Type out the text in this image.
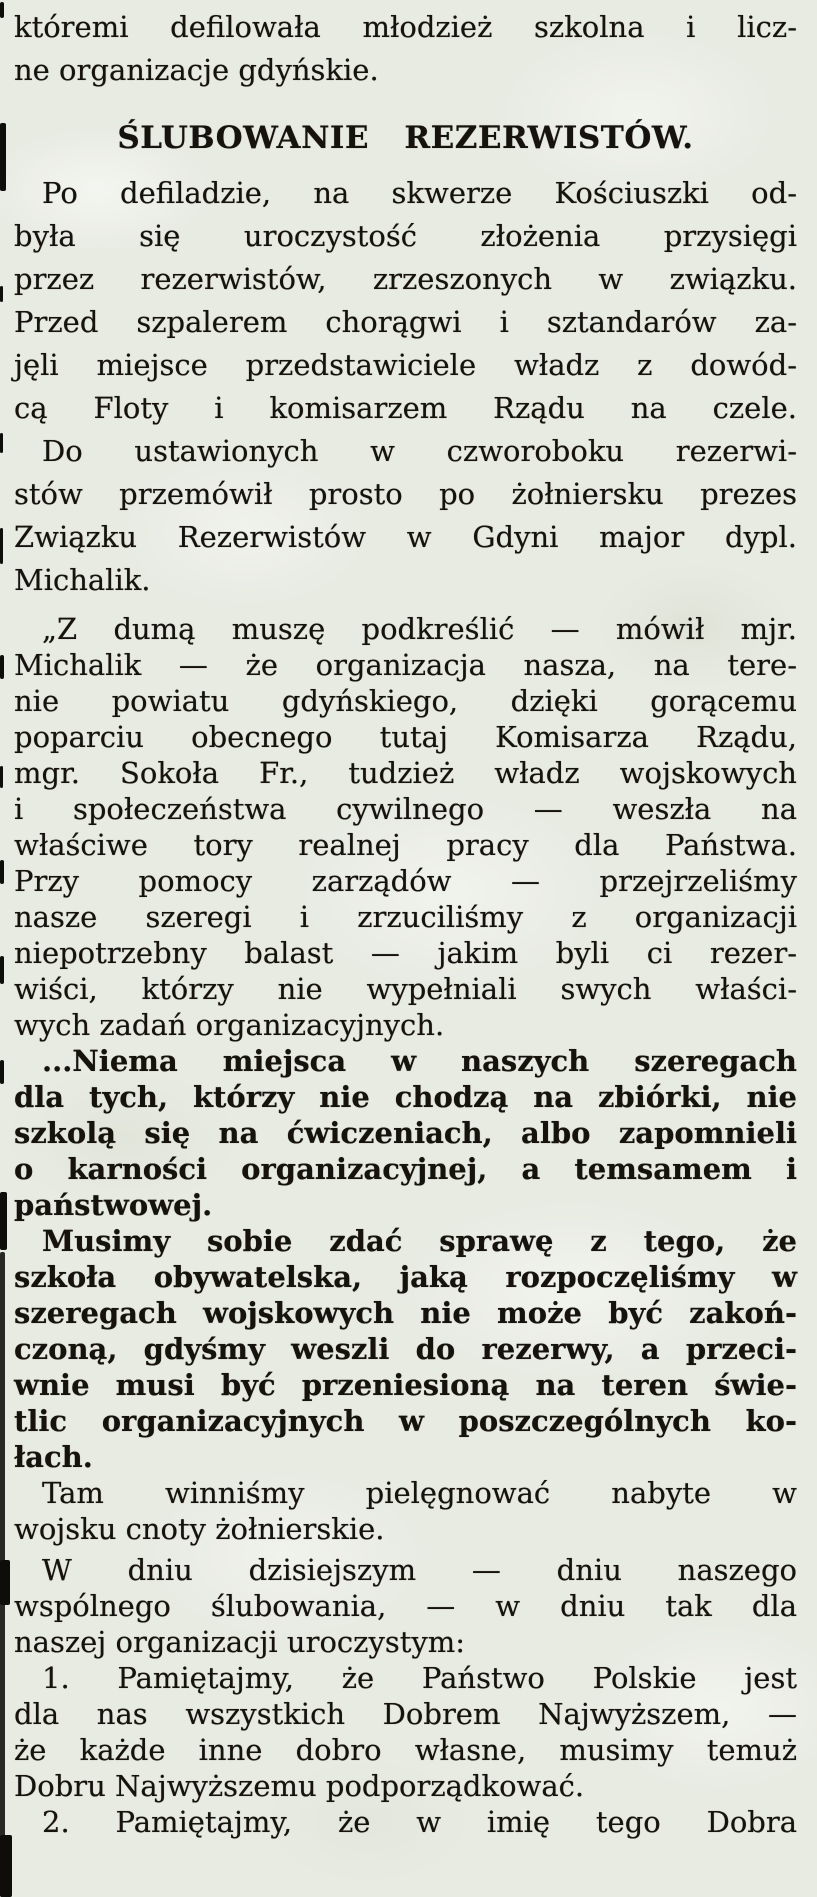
któremi defilowała młodzież szkolna i licz-
ne organizacje gdyńskie.
ŚLUBOWANIE REZERWISTÓW.
Po defiladzie, na skwerze Kościuszki od-
była się uroczystość złożenia przysięgi
przez rezerwistów, zrzeszonych w związku.
Przed szpalerem chorągwi i sztandarów za-
jęli miejsce przedstawiciele władz z dowód-
cą Floty i komisarzem Rządu na czele.
Do ustawionych w czworoboku rezerwi-
stów przemówił prosto po żołniersku prezes
Związku Rezerwistów w Gdyni major dypl.
Michalik.
„Z dumą muszę podkreślić — mówił mjr.
Michalik — że organizacja nasza, na tere-
nie powiatu gdyńskiego, dzięki gorącemu
poparciu obecnego tutaj Komisarza Rządu,
mgr. Sokoła Fr., tudzież władz wojskowych
i społeczeństwa cywilnego — weszła na
właściwe tory realnej pracy dla Państwa.
Przy pomocy zarządów — przejrzeliśmy
nasze szeregi i zrzuciliśmy z organizacji
niepotrzebny balast — jakim byli ci rezer-
wiści, którzy nie wypełniali swych właści-
wych zadań organizacyjnych.
...Niema miejsca w naszych szeregach
dla tych, którzy nie chodzą na zbiórki, nie
szkolą się na ćwiczeniach, albo zapomnieli
o karności organizacyjnej, a temsamem i
państwowej.
Musimy sobie zdać sprawę z tego, że
szkoła obywatelska, jaką rozpoczęliśmy w
szeregach wojskowych nie może być zakoń-
czoną, gdyśmy weszli do rezerwy, a przeci-
wnie musi być przeniesioną na teren świe-
tlic organizacyjnych w poszczególnych ko-
łach.
Tam winniśmy pielęgnować nabyte w
wojsku cnoty żołnierskie.
W dniu dzisiejszym — dniu naszego
wspólnego ślubowania, — w dniu tak dla
naszej organizacji uroczystym:
1. Pamiętajmy, że Państwo Polskie jest
dla nas wszystkich Dobrem Najwyższem, —
że każde inne dobro własne, musimy temuż
Dobru Najwyższemu podporządkować.
2. Pamiętajmy, że w imię tego Dobra
